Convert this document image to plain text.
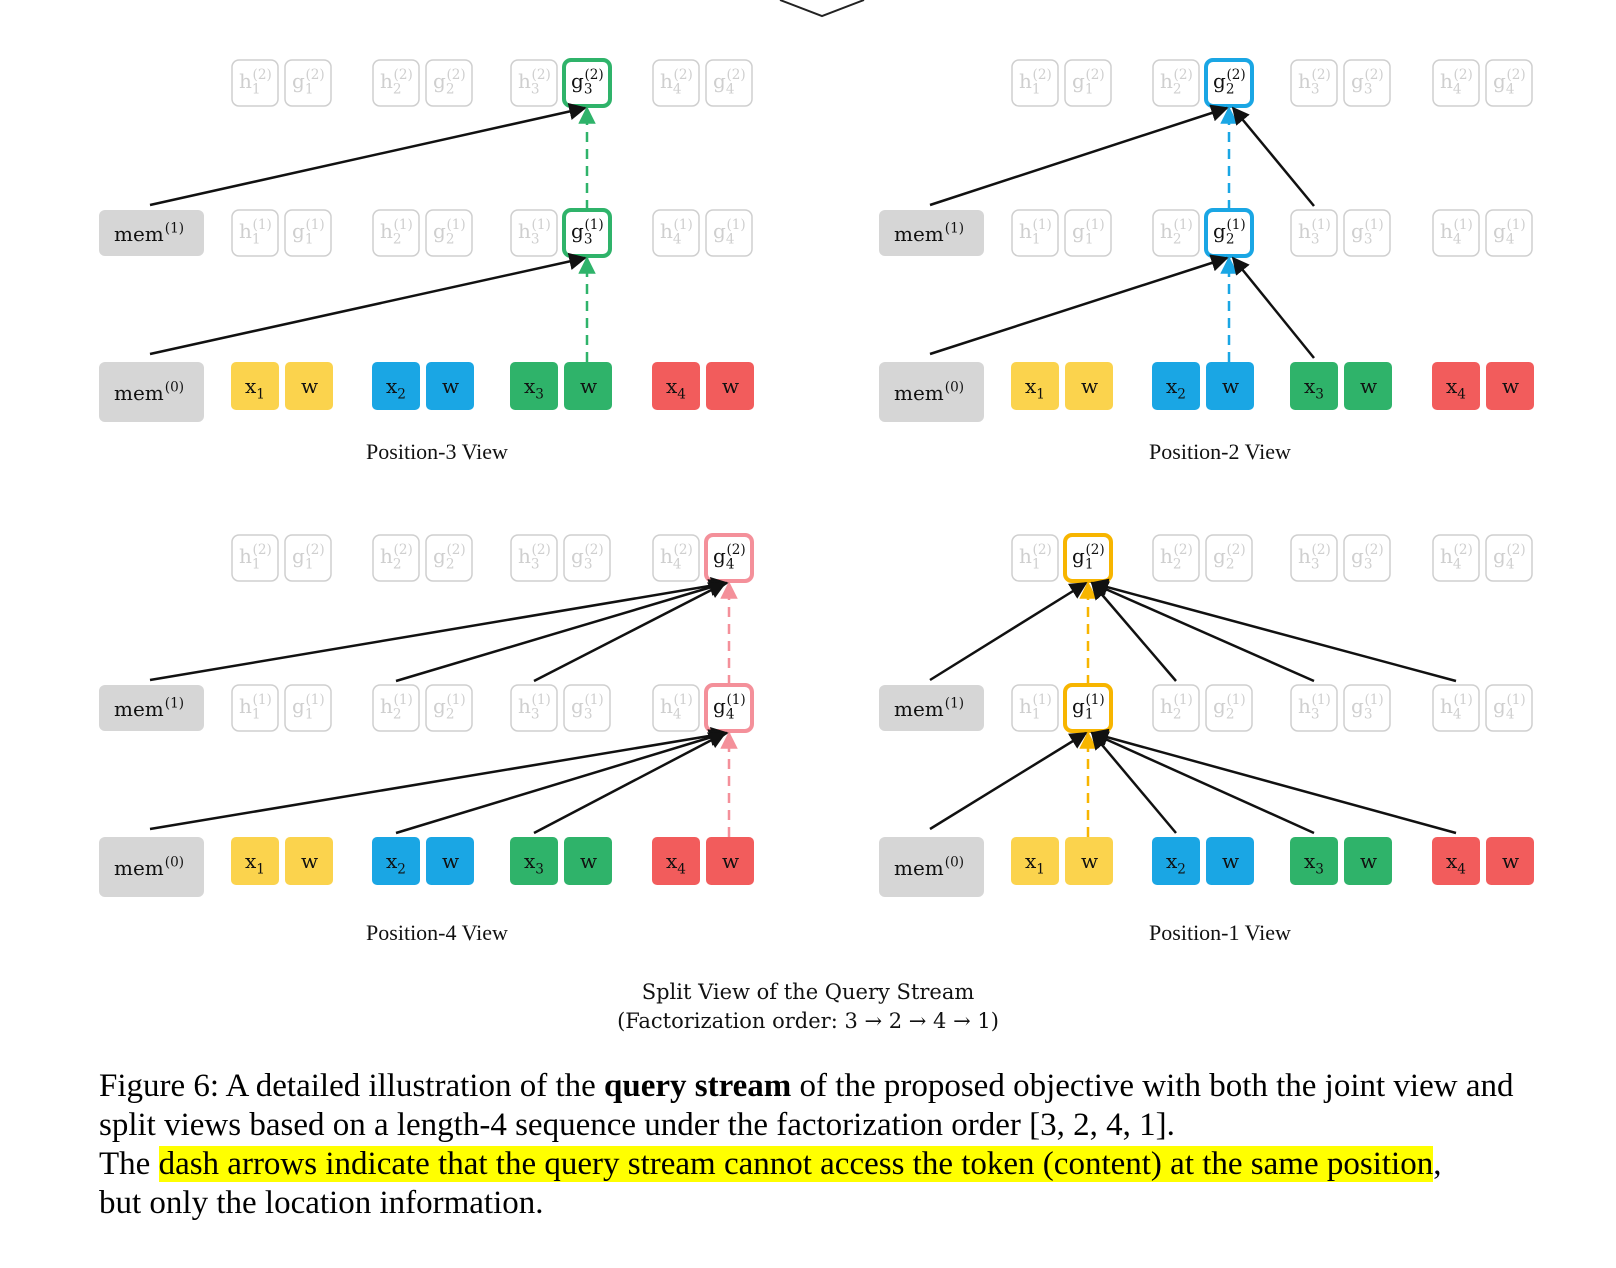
mem$^{(1)}$
mem$^{(0)}$	$x_1$ w	$x_2$ w	$x_3$ w	$x_4$ w
$h_1(2)$ $g_1(2)$	$h_2(2)$ $g_2(2)$	$h_3(2)$ $g_3(2)$	$h_4(2)$ $g_4(2)$
$h_1(1)$ $g_1(1)$	$h_2(1)$ $g_2(1)$	$h_3(1)$ $g_3(1)$	$h_4(1)$ $g_4(1)$	mem$^{(1)}$
mem$^{(0)}$	$x_1$ w	$x_2$ w	$x_3$ w	$x_4$ w
$h_1(2)$ $g_1(2)$	$h_2(2)$ $g_2(2)$	$h_3(2)$ $g_3(2)$	$h_4(2)$ $g_4(2)$
$h_1(1)$ $g_1(1)$	$h_2(1)$ $g_2(1)$	$h_3(1)$ $g_3(1)$	$h_4(1)$ $g_4(1)$
mem$^{(1)}$
mem$^{(0)}$	$x_1$ w	$x_2$ w	$x_3$ w	$x_4$ w
$h_1(2)$ $g_1(2)$	$h_2(2)$ $g_2(2)$	$h_3(2)$ $g_3(2)$	$h_4(2)$ $g_4(2)$
$h_1(1)$ $g_1(1)$	$h_2(1)$ $g_2(1)$	$h_3(1)$ $g_3(1)$	$h_4(1)$ $g_4(1)$	mem$^{(1)}$
mem$^{(0)}$	$x_1$ w	$x_2$ w	$x_3$ w	$x_4$ w
$h_1(2)$ $g_1(2)$	$h_2(2)$ $g_2(2)$	$h_3(2)$ $g_3(2)$	$h_4(2)$ $g_4(2)$
$h_1(1)$ $g_1(1)$	$h_2(1)$ $g_2(1)$	$h_3(1)$ $g_3(1)$	$h_4(1)$ $g_4(1)$
Position-3 View	Position-2 View
Position-4 View	Position-1 View
Split View of the Query Stream
(Factorization order: 3 → 2 → 4 → 1)
Figure 6: A detailed illustration of the query stream of the proposed objective with both the joint view and split views based on a length-4 sequence under the factorization order [3, 2, 4, 1].
The dash arrows indicate that the query stream cannot access the token (content) at the same position,
but only the location information.
